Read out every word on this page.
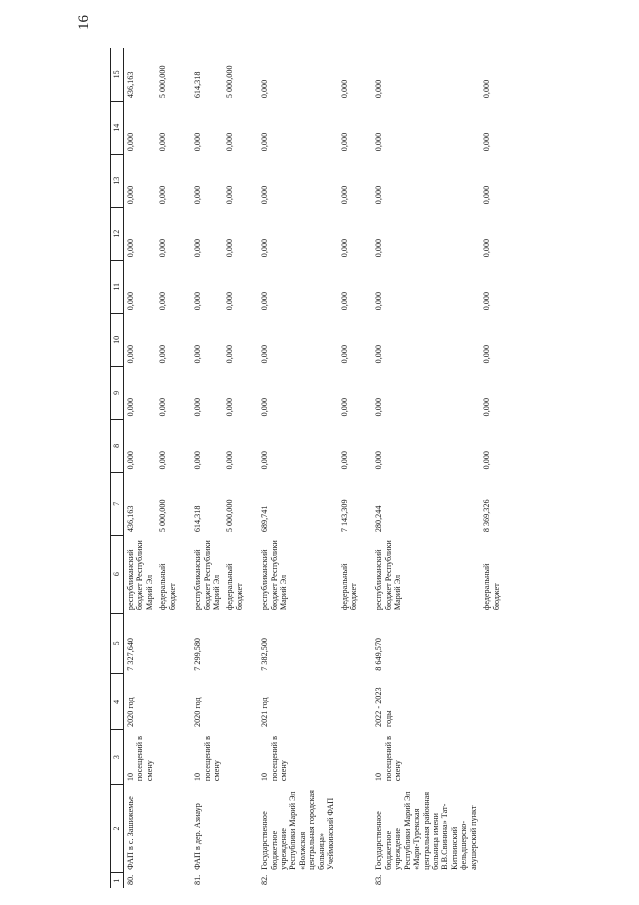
16
1	2	3	4	5	6	7	8	9	10	11	12	13	14	15
80.	ФАП в с. Зашижемье	10 посещений в смену	2020 год	7 327,640	республиканский бюджет Республики Марий Эл	436,163	0,000	0,000	0,000	0,000	0,000	0,000	0,000	436,163
					федеральный бюджет	5 000,000	0,000	0,000	0,000	0,000	0,000	0,000	0,000	5 000,000
81.	ФАП в дер. Азиаур	10 посещений в смену	2020 год	7 299,580	республиканский бюджет Республики Марий Эл	614,318	0,000	0,000	0,000	0,000	0,000	0,000	0,000	614,318
					федеральный бюджет	5 000,000	0,000	0,000	0,000	0,000	0,000	0,000	0,000	5 000,000
82.	Государственное бюджетное учреждение Республики Марий Эл «Волжская центральная городская больница» Учеймкинский ФАП	10 посещений в смену	2021 год	7 382,500	республиканский бюджет Республики Марий Эл	689,741	0,000	0,000	0,000	0,000	0,000	0,000	0,000	0,000
					федеральный бюджет	7 143,309	0,000	0,000	0,000	0,000	0,000	0,000	0,000	0,000
83.	Государственное бюджетное учреждение Республики Марий Эл «Мари-Турекская центральная районная больница имени В.В.Свинина» Тат-Китнинский фельдшерско-акушерский пункт	10 посещений в смену	2022 - 2023 годы	8 649,570	республиканский бюджет Республики Марий Эл	280,244	0,000	0,000	0,000	0,000	0,000	0,000	0,000	0,000
					федеральный бюджет	8 369,326	0,000	0,000	0,000	0,000	0,000	0,000	0,000	0,000
